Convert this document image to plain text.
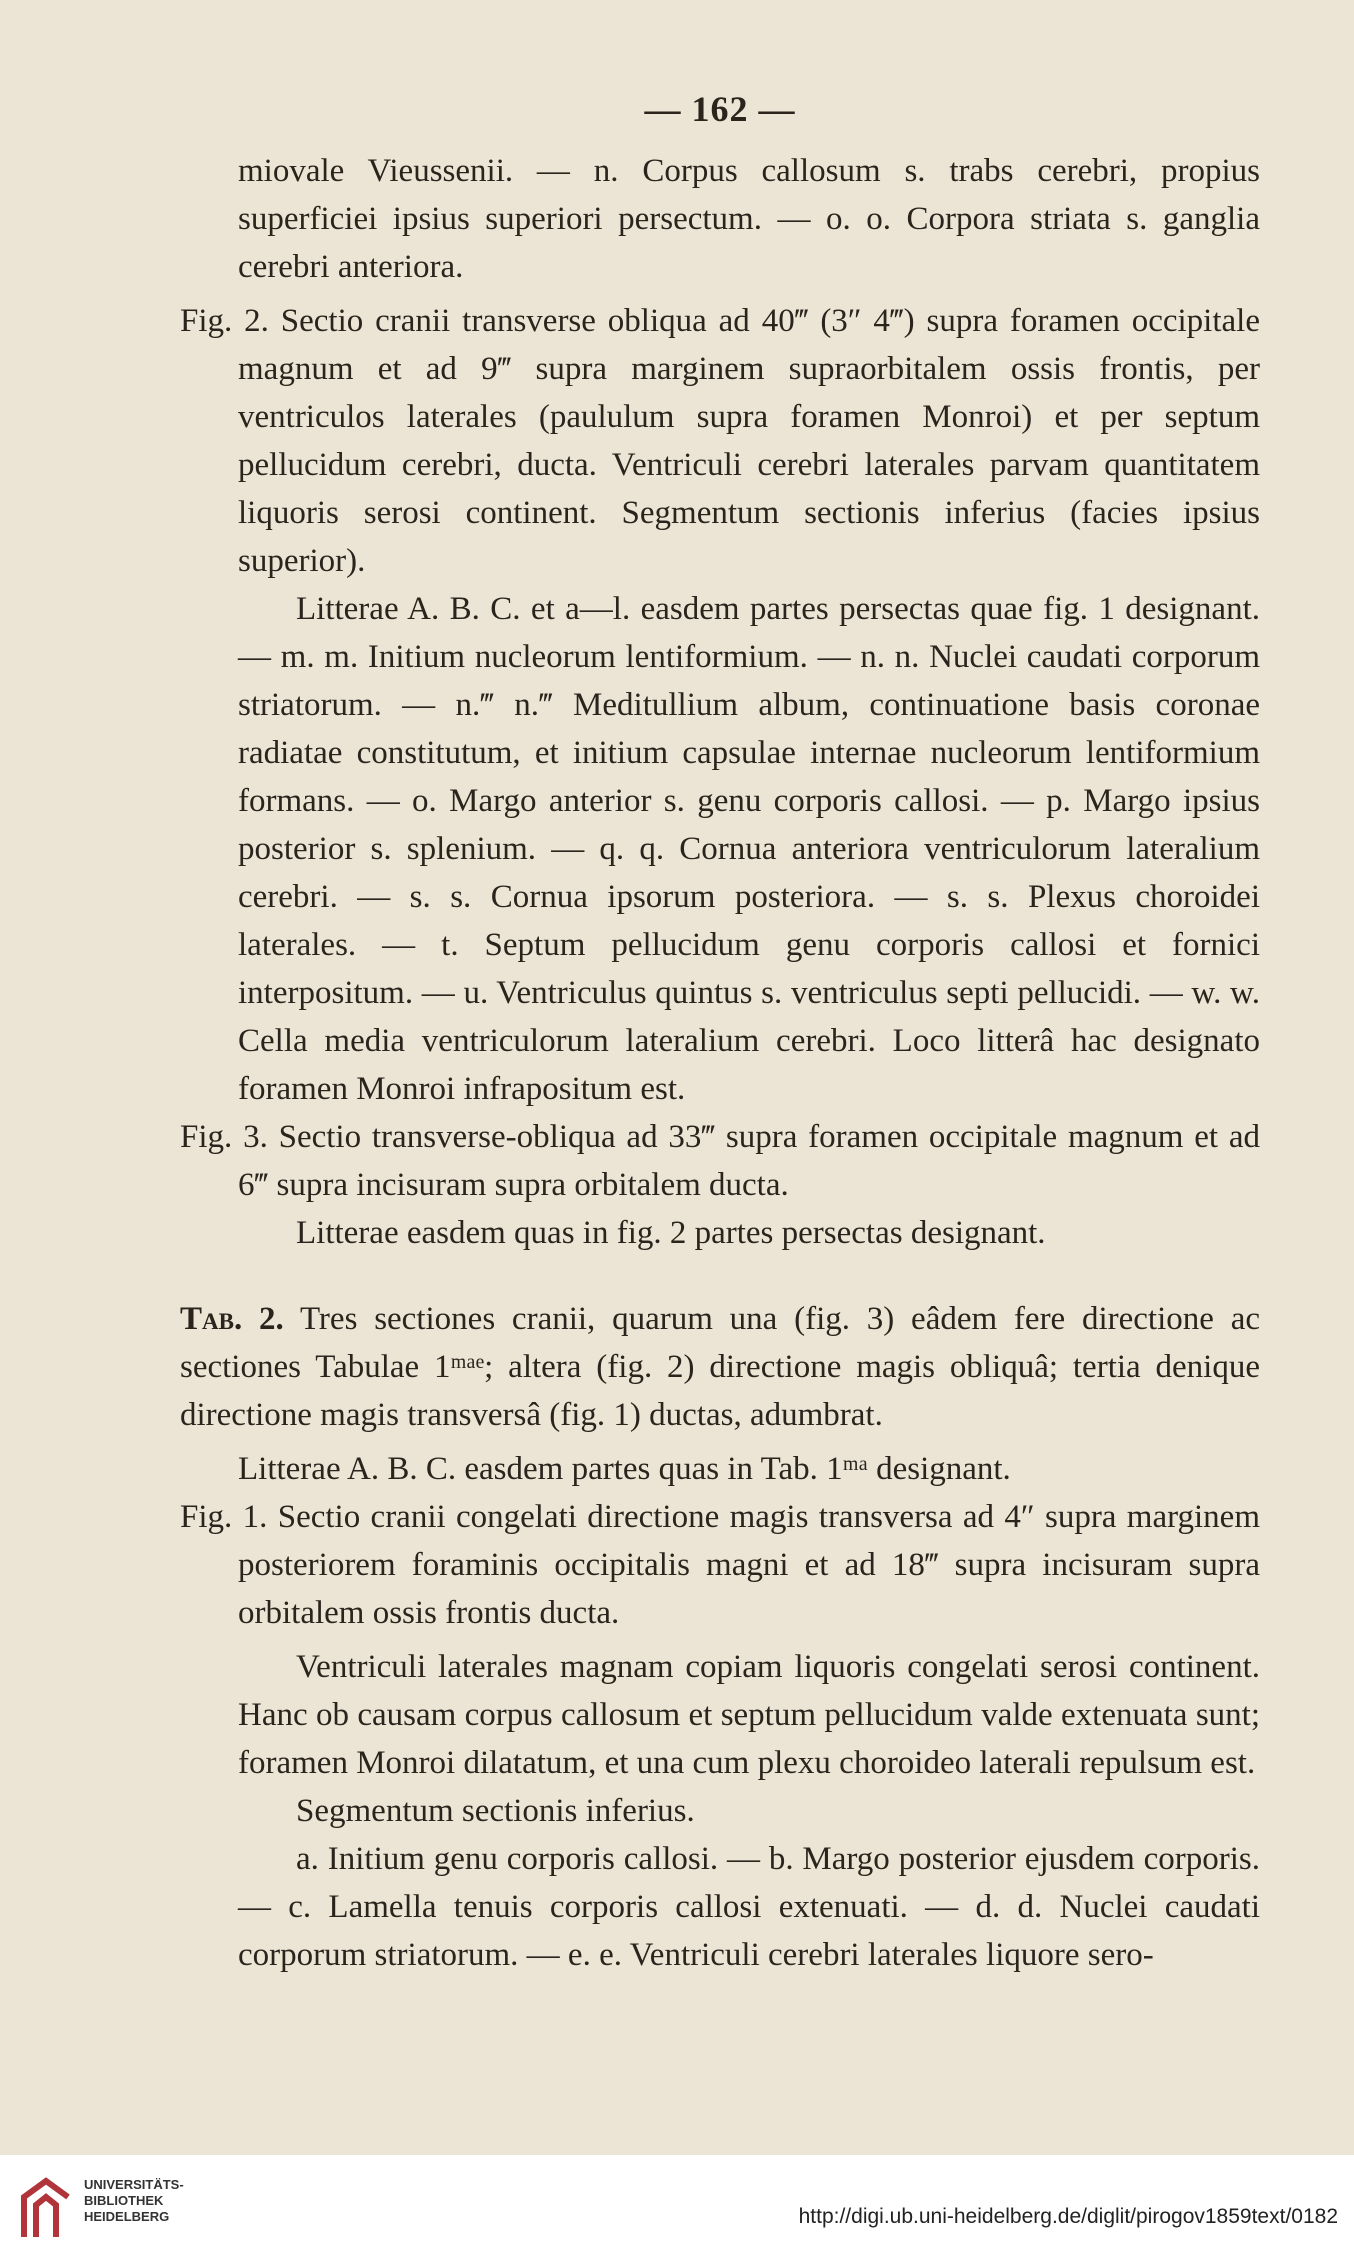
— 162 —

miovale Vieussenii. — n. Corpus callosum s. trabs cerebri, propius superficiei ipsius superiori persectum. — o. o. Corpora striata s. ganglia cerebri anteriora.

Fig. 2. Sectio cranii transverse obliqua ad 40‴ (3″ 4‴) supra foramen occipitale magnum et ad 9‴ supra marginem supraorbitalem ossis frontis, per ventriculos laterales (paululum supra foramen Monroi) et per septum pellucidum cerebri, ducta. Ventriculi cerebri laterales parvam quantitatem liquoris serosi continent. Segmentum sectionis inferius (facies ipsius superior).

Litterae A. B. C. et a—l. easdem partes persectas quae fig. 1 designant. — m. m. Initium nucleorum lentiformium. — n. n. Nuclei caudati corporum striatorum. — n.‴ n.‴ Meditullium album, continuatione basis coronae radiatae constitutum, et initium capsulae internae nucleorum lentiformium formans. — o. Margo anterior s. genu corporis callosi. — p. Margo ipsius posterior s. splenium. — q. q. Cornua anteriora ventriculorum lateralium cerebri. — s. s. Cornua ipsorum posteriora. — s. s. Plexus choroidei laterales. — t. Septum pellucidum genu corporis callosi et fornici interpositum. — u. Ventriculus quintus s. ventriculus septi pellucidi. — w. w. Cella media ventriculorum lateralium cerebri. Loco litterâ hac designato foramen Monroi infrapositum est.

Fig. 3. Sectio transverse-obliqua ad 33‴ supra foramen occipitale magnum et ad 6‴ supra incisuram supra orbitalem ducta.

Litterae easdem quas in fig. 2 partes persectas designant.

Tab. 2. Tres sectiones cranii, quarum una (fig. 3) eâdem fere directione ac sectiones Tabulae 1ᵐᵃᵉ; altera (fig. 2) directione magis obliquâ; tertia denique directione magis transversâ (fig. 1) ductas, adumbrat.

Litterae A. B. C. easdem partes quas in Tab. 1ᵐᵃ designant.

Fig. 1. Sectio cranii congelati directione magis transversa ad 4″ supra marginem posteriorem foraminis occipitalis magni et ad 18‴ supra incisuram supra orbitalem ossis frontis ducta.

Ventriculi laterales magnam copiam liquoris congelati serosi continent. Hanc ob causam corpus callosum et septum pellucidum valde extenuata sunt; foramen Monroi dilatatum, et una cum plexu choroideo laterali repulsum est.

Segmentum sectionis inferius.

a. Initium genu corporis callosi. — b. Margo posterior ejusdem corporis. — c. Lamella tenuis corporis callosi extenuati. — d. d. Nuclei caudati corporum striatorum. — e. e. Ventriculi cerebri laterales liquore sero-

UNIVERSITÄTS-
BIBLIOTHEK
HEIDELBERG	http://digi.ub.uni-heidelberg.de/diglit/pirogov1859text/0182
